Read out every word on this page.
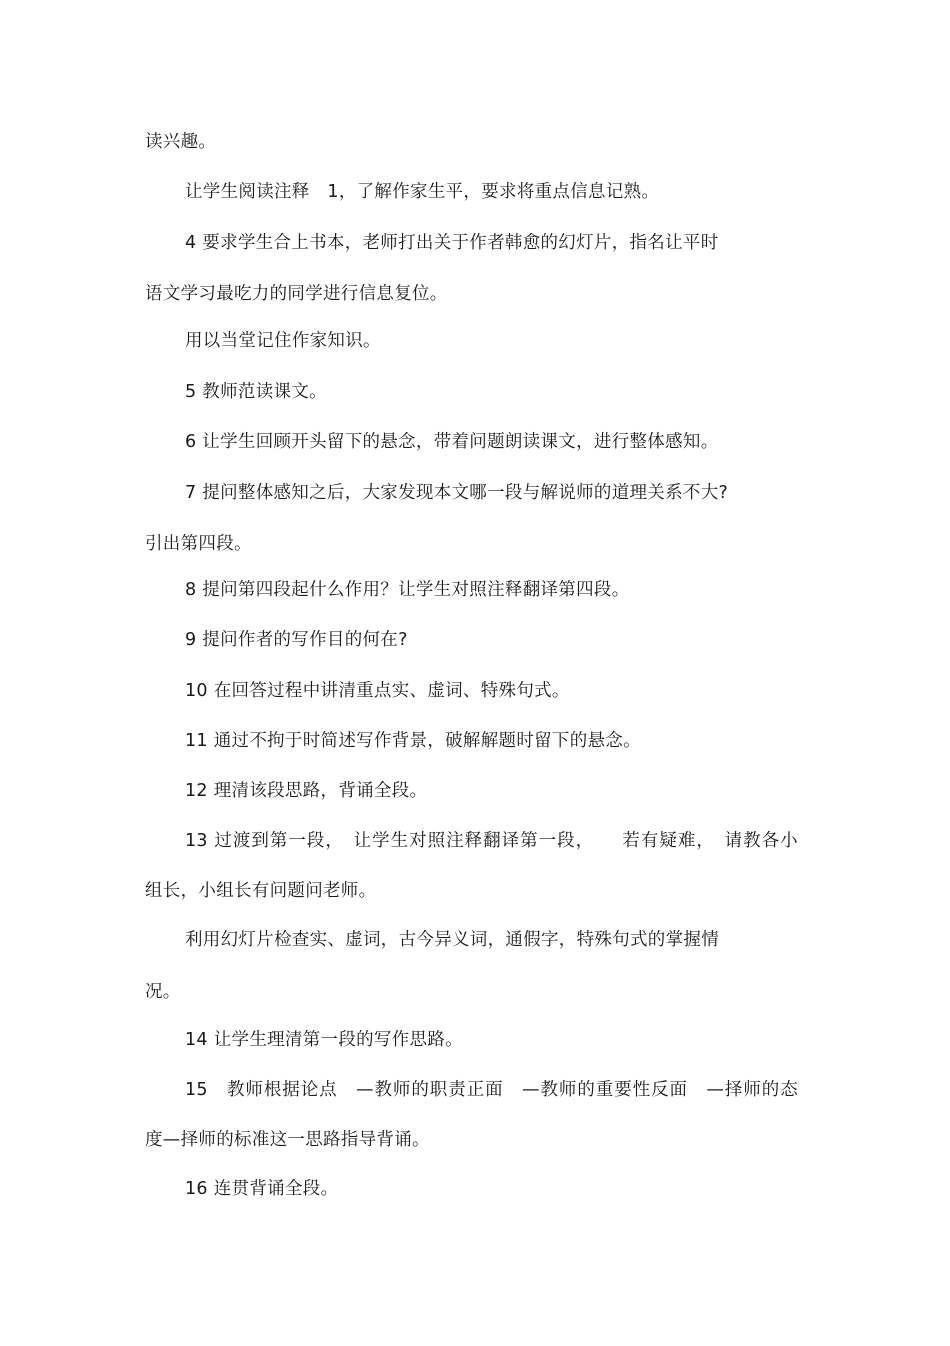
读兴趣。

让学生阅读注释　1，了解作家生平，要求将重点信息记熟。

4 要求学生合上书本，老师打出关于作者韩愈的幻灯片，指名让平时

语文学习最吃力的同学进行信息复位。

用以当堂记住作家知识。

5 教师范读课文。

6 让学生回顾开头留下的悬念，带着问题朗读课文，进行整体感知。

7 提问整体感知之后，大家发现本文哪一段与解说师的道理关系不大?

引出第四段。

8 提问第四段起什么作用？让学生对照注释翻译第四段。

9 提问作者的写作目的何在?

10 在回答过程中讲清重点实、虚词、特殊句式。

11 通过不拘于时简述写作背景，破解解题时留下的悬念。

12 理清该段思路，背诵全段。

13 过渡到第一段，　让学生对照注释翻译第一段，　　若有疑难，　请教各小

组长，小组长有问题问老师。

利用幻灯片检查实、虚词，古今异义词，通假字，特殊句式的掌握情

况。

14 让学生理清第一段的写作思路。

15　教师根据论点　—教师的职责正面　—教师的重要性反面　—择师的态

度—择师的标准这一思路指导背诵。

16 连贯背诵全段。
